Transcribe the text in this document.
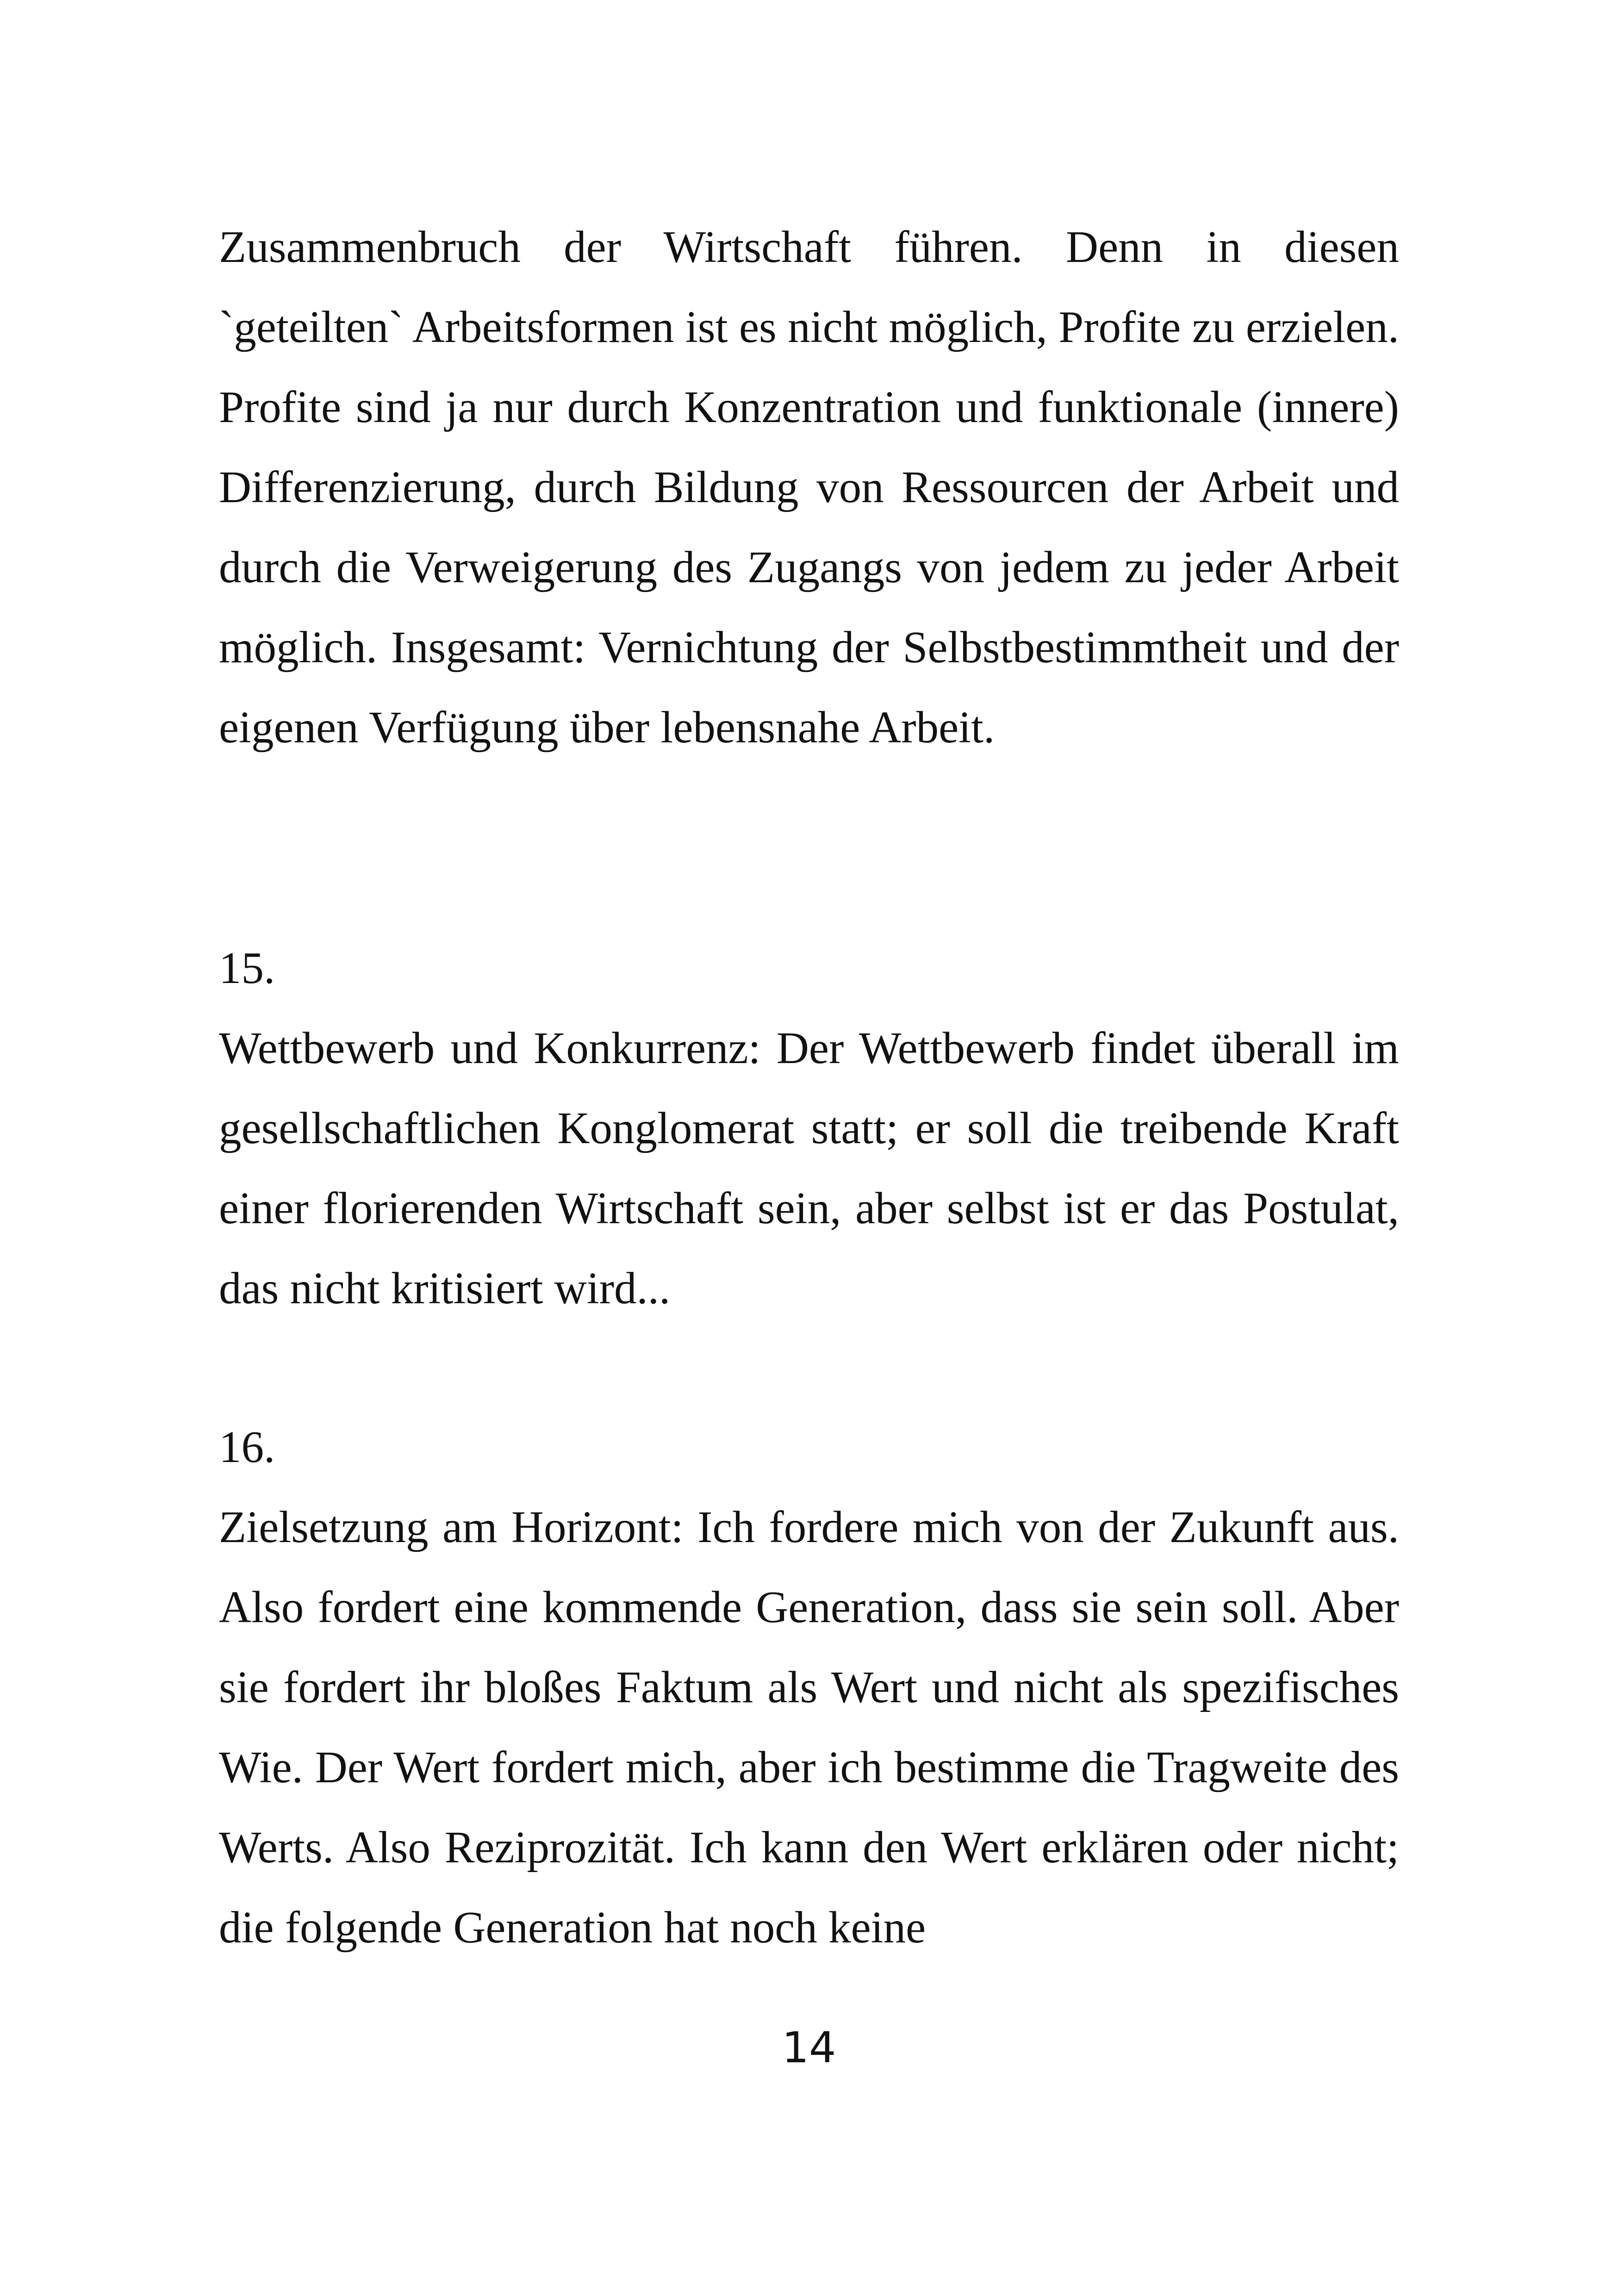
Zusammenbruch der Wirtschaft führen. Denn in diesen `geteilten` Arbeitsformen ist es nicht möglich, Profite zu erzielen. Profite sind ja nur durch Konzentration und funktionale (innere) Differenzierung, durch Bildung von Ressourcen der Arbeit und durch die Verweigerung des Zugangs von jedem zu jeder Arbeit möglich. Insgesamt: Vernichtung der Selbstbestimmtheit und der eigenen Verfügung über lebensnahe Arbeit.

15.

Wettbewerb und Konkurrenz: Der Wettbewerb findet überall im gesellschaftlichen Konglomerat statt; er soll die treibende Kraft einer florierenden Wirtschaft sein, aber selbst ist er das Postulat, das nicht kritisiert wird...

16.

Zielsetzung am Horizont: Ich fordere mich von der Zukunft aus. Also fordert eine kommende Generation, dass sie sein soll. Aber sie fordert ihr bloßes Faktum als Wert und nicht als spezifisches Wie. Der Wert fordert mich, aber ich bestimme die Tragweite des Werts. Also Reziprozität. Ich kann den Wert erklären oder nicht; die folgende Generation hat noch keine

14
